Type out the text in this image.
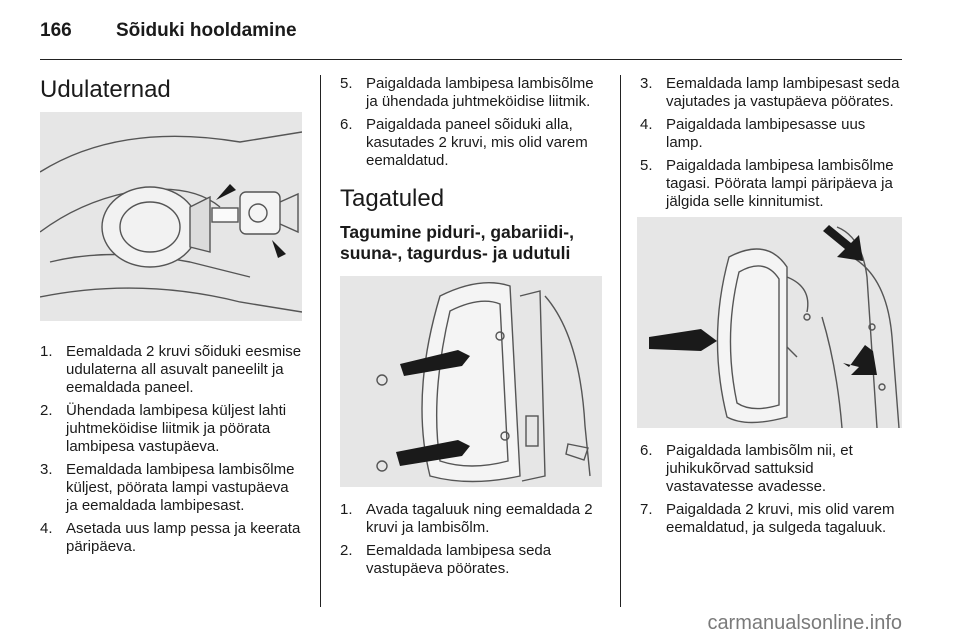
166 Sõiduki hooldamine
Udulaternad
1. Eemaldada 2 kruvi sõiduki eesmise udulaterna all asuvalt paneelilt ja eemaldada paneel.
2. Ühendada lambipesa küljest lahti juhtmeköidise liitmik ja pöörata lambipesa vastupäeva.
3. Eemaldada lambipesa lambisõlme küljest, pöörata lampi vastupäeva ja eemaldada lambipesast.
4. Asetada uus lamp pessa ja keerata päripäeva.
5. Paigaldada lambipesa lambisõlme ja ühendada juhtmeköidise liitmik.
6. Paigaldada paneel sõiduki alla, kasutades 2 kruvi, mis olid varem eemaldatud.
Tagatuled
Tagumine piduri-, gabariidi-, suuna-, tagurdus- ja udutuli
1. Avada tagaluuk ning eemaldada 2 kruvi ja lambisõlm.
2. Eemaldada lambipesa seda vastupäeva pöörates.
3. Eemaldada lamp lambipesast seda vajutades ja vastupäeva pöörates.
4. Paigaldada lambipesasse uus lamp.
5. Paigaldada lambipesa lambisõlme tagasi. Pöörata lampi päripäeva ja jälgida selle kinnitumist.
6. Paigaldada lambisõlm nii, et juhikukõrvad sattuksid vastavatesse avadesse.
7. Paigaldada 2 kruvi, mis olid varem eemaldatud, ja sulgeda tagaluuk.
carmanualsonline.info
